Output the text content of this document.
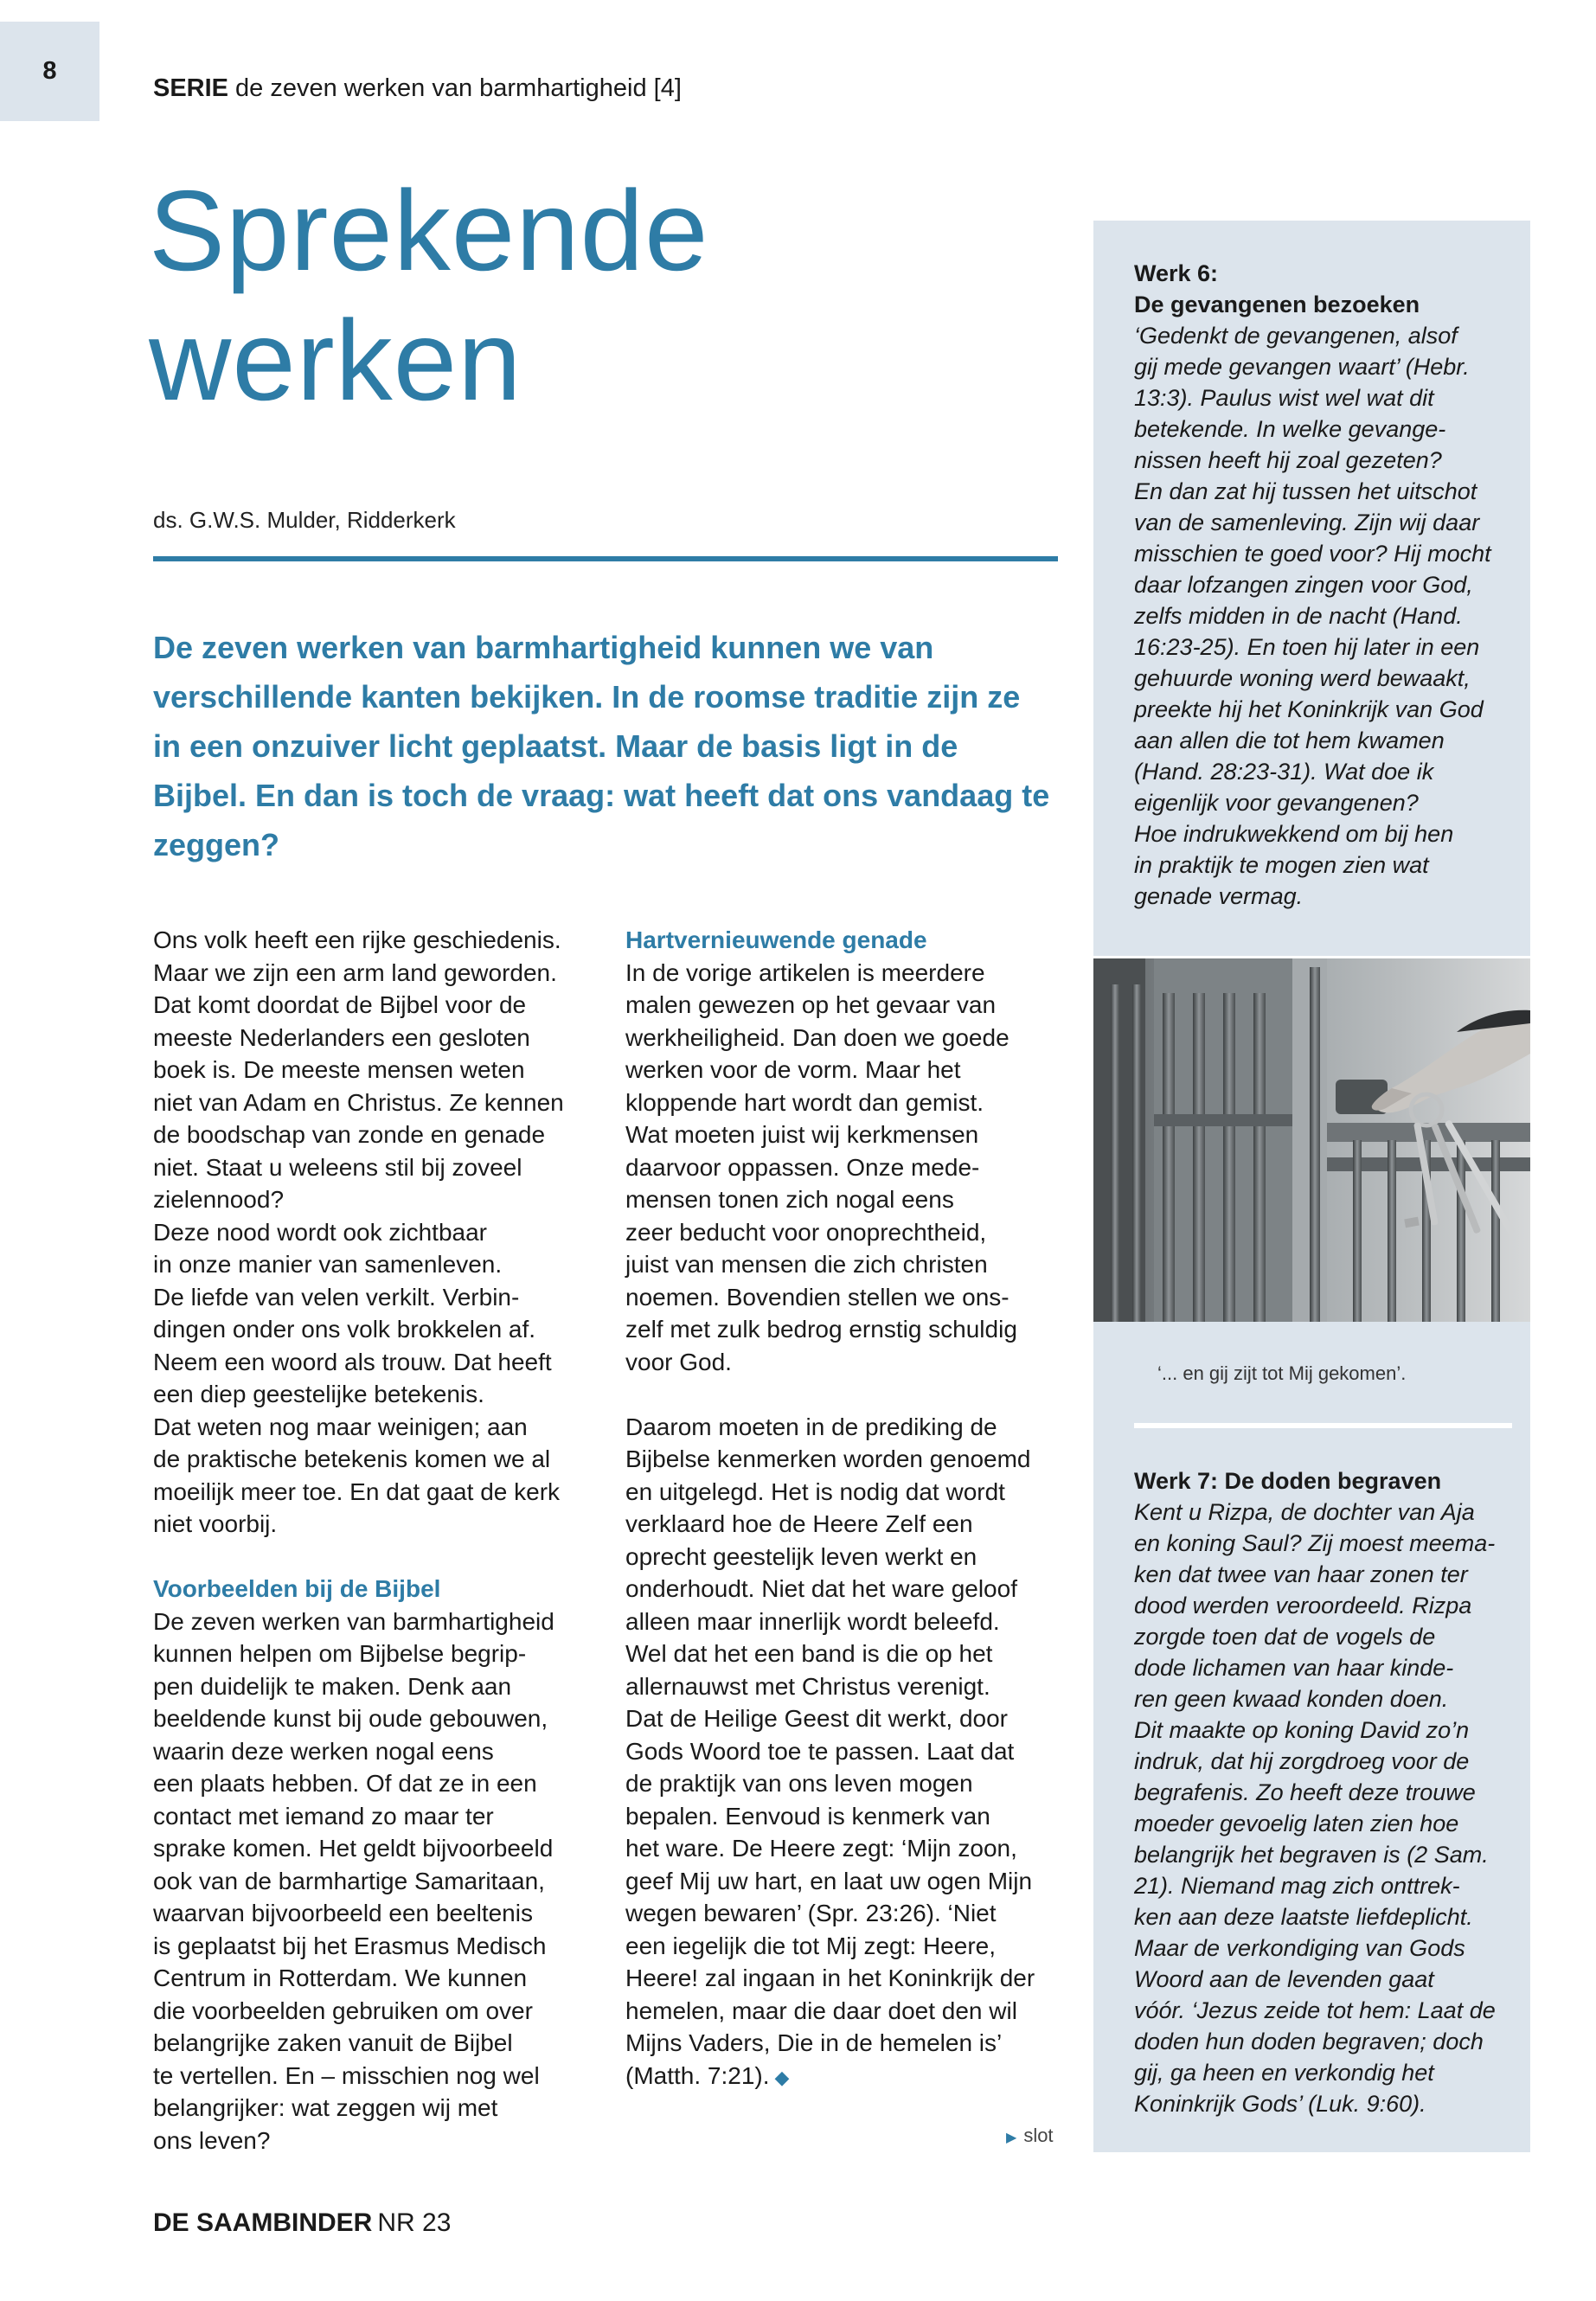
8
SERIE de zeven werken van barmhartigheid [4]
Sprekende
werken
ds. G.W.S. Mulder, Ridderkerk
De zeven werken van barmhartigheid kunnen we van verschillende kanten bekijken. In de roomse traditie zijn ze in een onzuiver licht geplaatst. Maar de basis ligt in de Bijbel. En dan is toch de vraag: wat heeft dat ons vandaag te zeggen?

Ons volk heeft een rijke geschiedenis.
Maar we zijn een arm land geworden.
Dat komt doordat de Bijbel voor de
meeste Nederlanders een gesloten
boek is. De meeste mensen weten
niet van Adam en Christus. Ze kennen
de boodschap van zonde en genade
niet. Staat u weleens stil bij zoveel
zielennood?
Deze nood wordt ook zichtbaar
in onze manier van samenleven.
De liefde van velen verkilt. Verbin-
dingen onder ons volk brokkelen af.
Neem een woord als trouw. Dat heeft
een diep geestelijke betekenis.
Dat weten nog maar weinigen; aan
de praktische betekenis komen we al
moeilijk meer toe. En dat gaat de kerk
niet voorbij.

Voorbeelden bij de Bijbel

De zeven werken van barmhartigheid
kunnen helpen om Bijbelse begrip-
pen duidelijk te maken. Denk aan
beeldende kunst bij oude gebouwen,
waarin deze werken nogal eens
een plaats hebben. Of dat ze in een
contact met iemand zo maar ter
sprake komen. Het geldt bijvoorbeeld
ook van de barmhartige Samaritaan,
waarvan bijvoorbeeld een beeltenis
is geplaatst bij het Erasmus Medisch
Centrum in Rotterdam. We kunnen
die voorbeelden gebruiken om over
belangrijke zaken vanuit de Bijbel
te vertellen. En – misschien nog wel
belangrijker: wat zeggen wij met
ons leven?

Hartvernieuwende genade

In de vorige artikelen is meerdere
malen gewezen op het gevaar van
werkheiligheid. Dan doen we goede
werken voor de vorm. Maar het
kloppende hart wordt dan gemist.
Wat moeten juist wij kerkmensen
daarvoor oppassen. Onze mede-
mensen tonen zich nogal eens
zeer beducht voor onoprechtheid,
juist van mensen die zich christen
noemen. Bovendien stellen we ons-
zelf met zulk bedrog ernstig schuldig
voor God.

Daarom moeten in de prediking de
Bijbelse kenmerken worden genoemd
en uitgelegd. Het is nodig dat wordt
verklaard hoe de Heere Zelf een
oprecht geestelijk leven werkt en
onderhoudt. Niet dat het ware geloof
alleen maar innerlijk wordt beleefd.
Wel dat het een band is die op het
allernauwst met Christus verenigt.
Dat de Heilige Geest dit werkt, door
Gods Woord toe te passen. Laat dat
de praktijk van ons leven mogen
bepalen. Eenvoud is kenmerk van
het ware. De Heere zegt: ‘Mijn zoon,
geef Mij uw hart, en laat uw ogen Mijn
wegen bewaren’ (Spr. 23:26). ‘Niet
een iegelijk die tot Mij zegt: Heere,
Heere! zal ingaan in het Koninkrijk der
hemelen, maar die daar doet den wil
Mijns Vaders, Die in de hemelen is’
(Matth. 7:21). ◆

▶ slot
Werk 6:
De gevangenen bezoeken
‘Gedenkt de gevangenen, alsof
gij mede gevangen waart’ (Hebr.
13:3). Paulus wist wel wat dit
betekende. In welke gevange-
nissen heeft hij zoal gezeten?
En dan zat hij tussen het uitschot
van de samenleving. Zijn wij daar
misschien te goed voor? Hij mocht
daar lofzangen zingen voor God,
zelfs midden in de nacht (Hand.
16:23-25). En toen hij later in een
gehuurde woning werd bewaakt,
preekte hij het Koninkrijk van God
aan allen die tot hem kwamen
(Hand. 28:23-31). Wat doe ik
eigenlijk voor gevangenen?
Hoe indrukwekkend om bij hen
in praktijk te mogen zien wat
genade vermag.
‘... en gij zijt tot Mij gekomen’.
Werk 7: De doden begraven
Kent u Rizpa, de dochter van Aja
en koning Saul? Zij moest meema-
ken dat twee van haar zonen ter
dood werden veroordeeld. Rizpa
zorgde toen dat de vogels de
dode lichamen van haar kinde-
ren geen kwaad konden doen.
Dit maakte op koning David zo’n
indruk, dat hij zorgdroeg voor de
begrafenis. Zo heeft deze trouwe
moeder gevoelig laten zien hoe
belangrijk het begraven is (2 Sam.
21). Niemand mag zich onttrek-
ken aan deze laatste liefdeplicht.
Maar de verkondiging van Gods
Woord aan de levenden gaat
vóór. ‘Jezus zeide tot hem: Laat de
doden hun doden begraven; doch
gij, ga heen en verkondig het
Koninkrijk Gods’ (Luk. 9:60).
DE SAAMBINDER NR 23
